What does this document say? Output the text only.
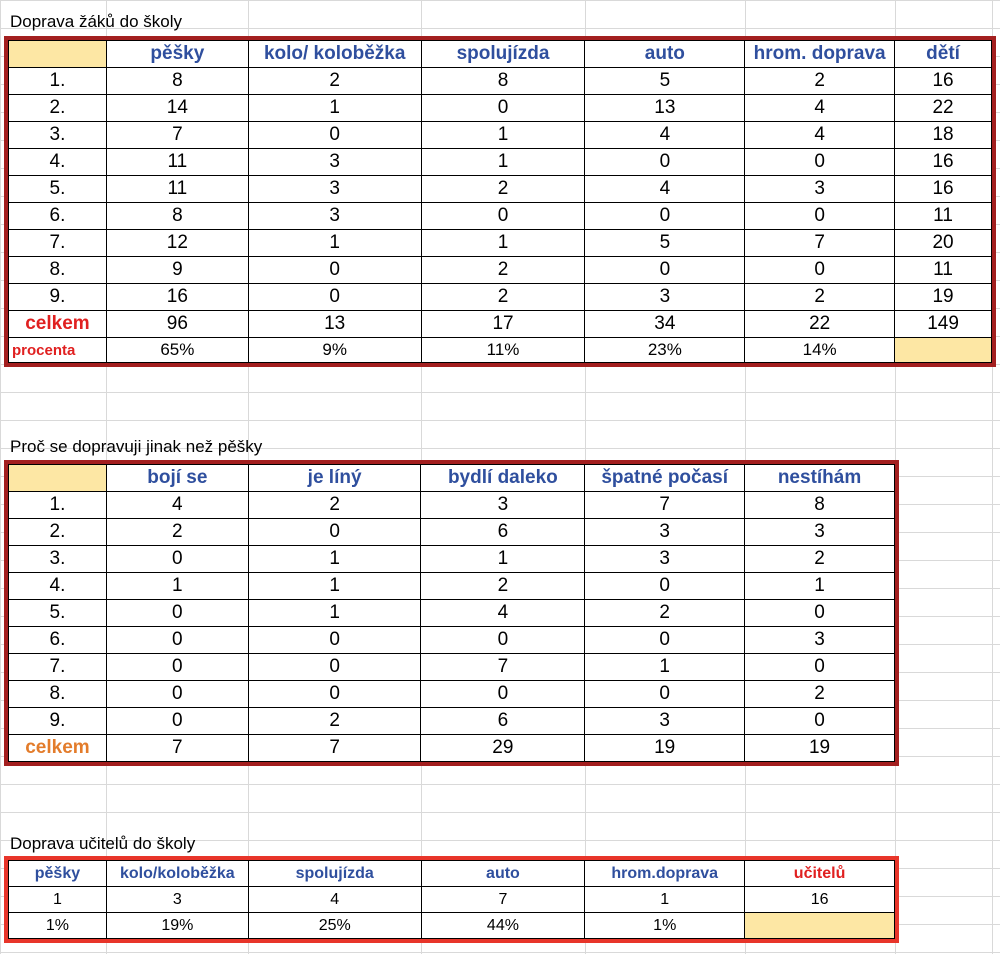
Doprava žáků do školy
	pěšky	kolo/ koloběžka	spolujízda	auto	hrom. doprava	dětí
1.	8	2	8	5	2	16
2.	14	1	0	13	4	22
3.	7	0	1	4	4	18
4.	11	3	1	0	0	16
5.	11	3	2	4	3	16
6.	8	3	0	0	0	11
7.	12	1	1	5	7	20
8.	9	0	2	0	0	11
9.	16	0	2	3	2	19
celkem	96	13	17	34	22	149
procenta	65%	9%	11%	23%	14%	
Proč se dopravuji jinak než pěšky
	bojí se	je líný	bydlí daleko	špatné počasí	nestíhám
1.	4	2	3	7	8
2.	2	0	6	3	3
3.	0	1	1	3	2
4.	1	1	2	0	1
5.	0	1	4	2	0
6.	0	0	0	0	3
7.	0	0	7	1	0
8.	0	0	0	0	2
9.	0	2	6	3	0
celkem	7	7	29	19	19
Doprava učitelů do školy
pěšky	kolo/koloběžka	spolujízda	auto	hrom.doprava	učitelů
1	3	4	7	1	16
1%	19%	25%	44%	1%	
